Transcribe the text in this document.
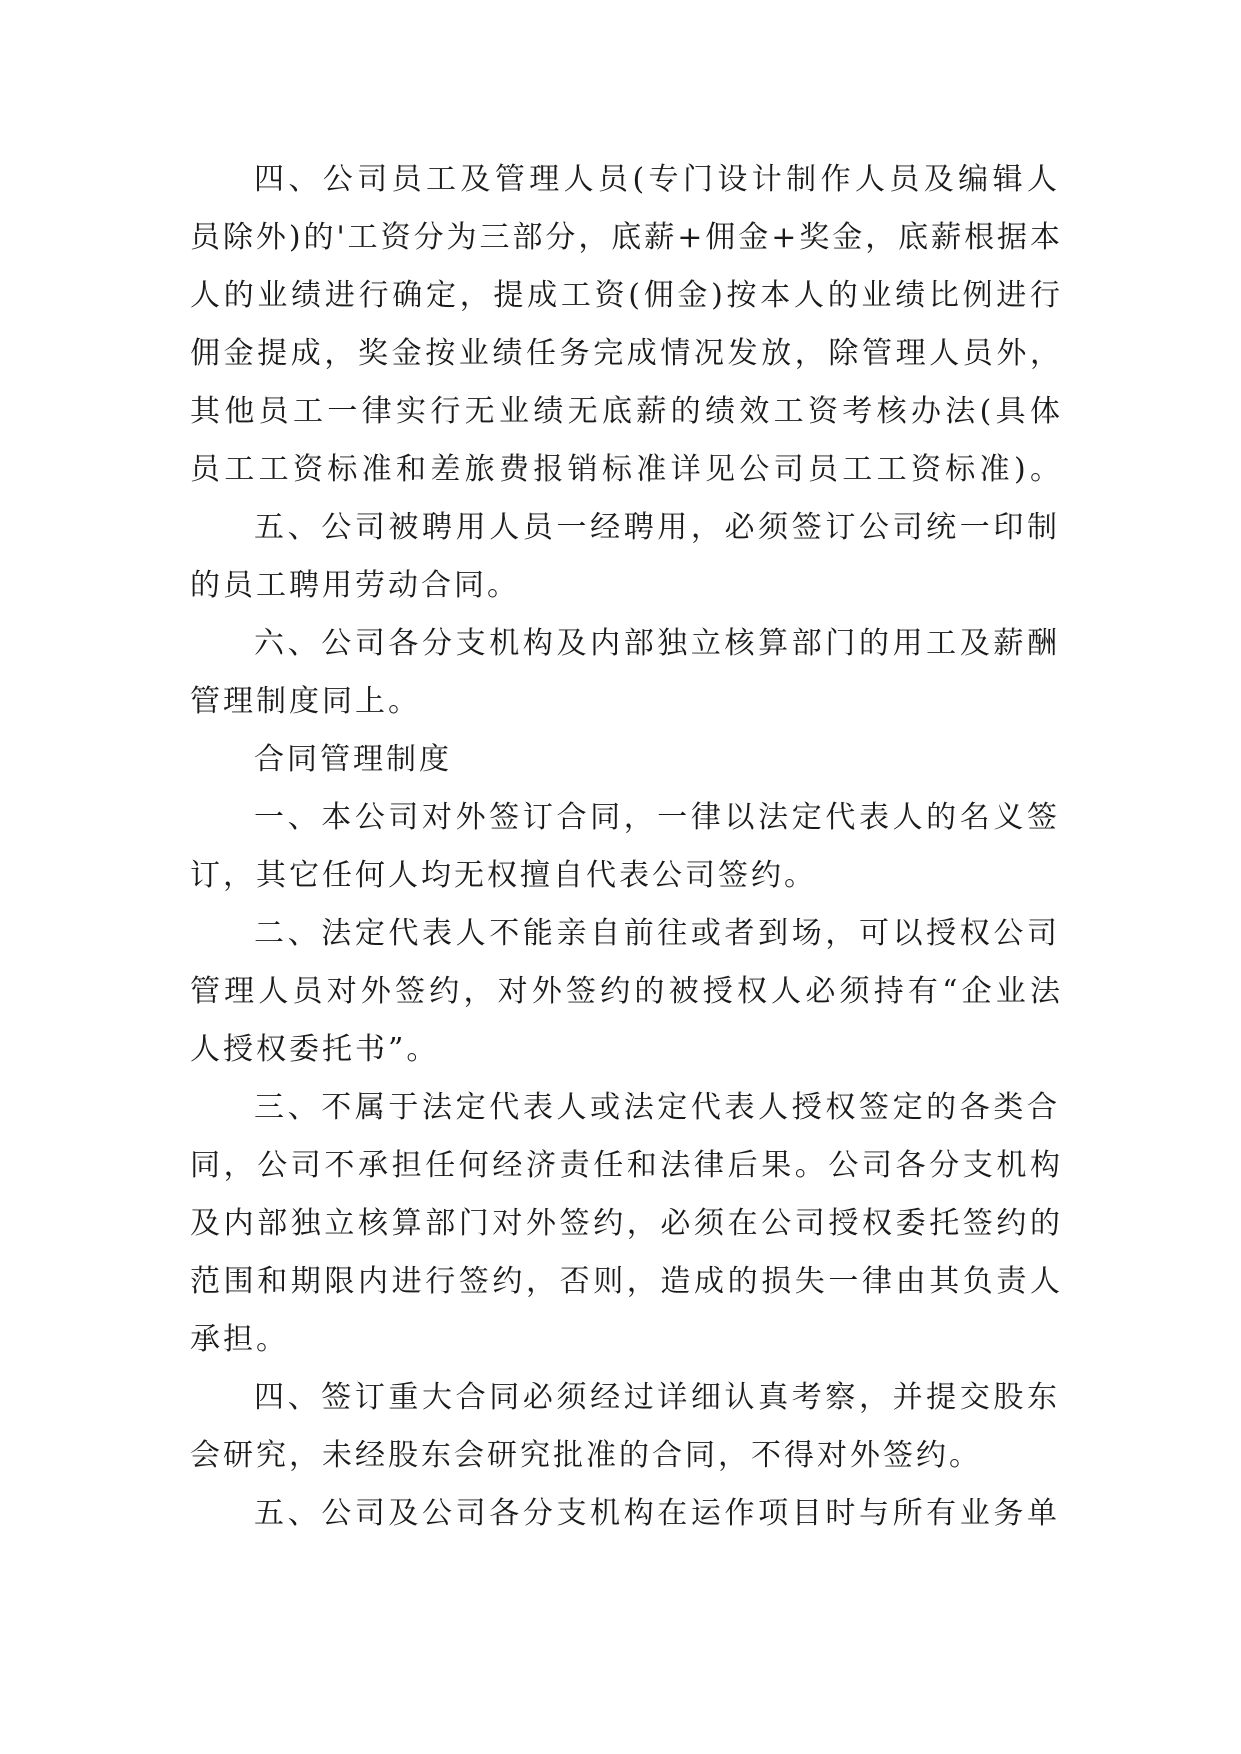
四、公司员工及管理人员(专门设计制作人员及编辑人
员除外)的'工资分为三部分，底薪+佣金+奖金，底薪根据本
人的业绩进行确定，提成工资(佣金)按本人的业绩比例进行
佣金提成，奖金按业绩任务完成情况发放，除管理人员外，
其他员工一律实行无业绩无底薪的绩效工资考核办法(具体
员工工资标准和差旅费报销标准详见公司员工工资标准)。
五、公司被聘用人员一经聘用，必须签订公司统一印制
的员工聘用劳动合同。
六、公司各分支机构及内部独立核算部门的用工及薪酬
管理制度同上。
合同管理制度
一、本公司对外签订合同，一律以法定代表人的名义签
订，其它任何人均无权擅自代表公司签约。
二、法定代表人不能亲自前往或者到场，可以授权公司
管理人员对外签约，对外签约的被授权人必须持有“企业法
人授权委托书”。
三、不属于法定代表人或法定代表人授权签定的各类合
同，公司不承担任何经济责任和法律后果。公司各分支机构
及内部独立核算部门对外签约，必须在公司授权委托签约的
范围和期限内进行签约，否则，造成的损失一律由其负责人
承担。
四、签订重大合同必须经过详细认真考察，并提交股东
会研究，未经股东会研究批准的合同，不得对外签约。
五、公司及公司各分支机构在运作项目时与所有业务单
